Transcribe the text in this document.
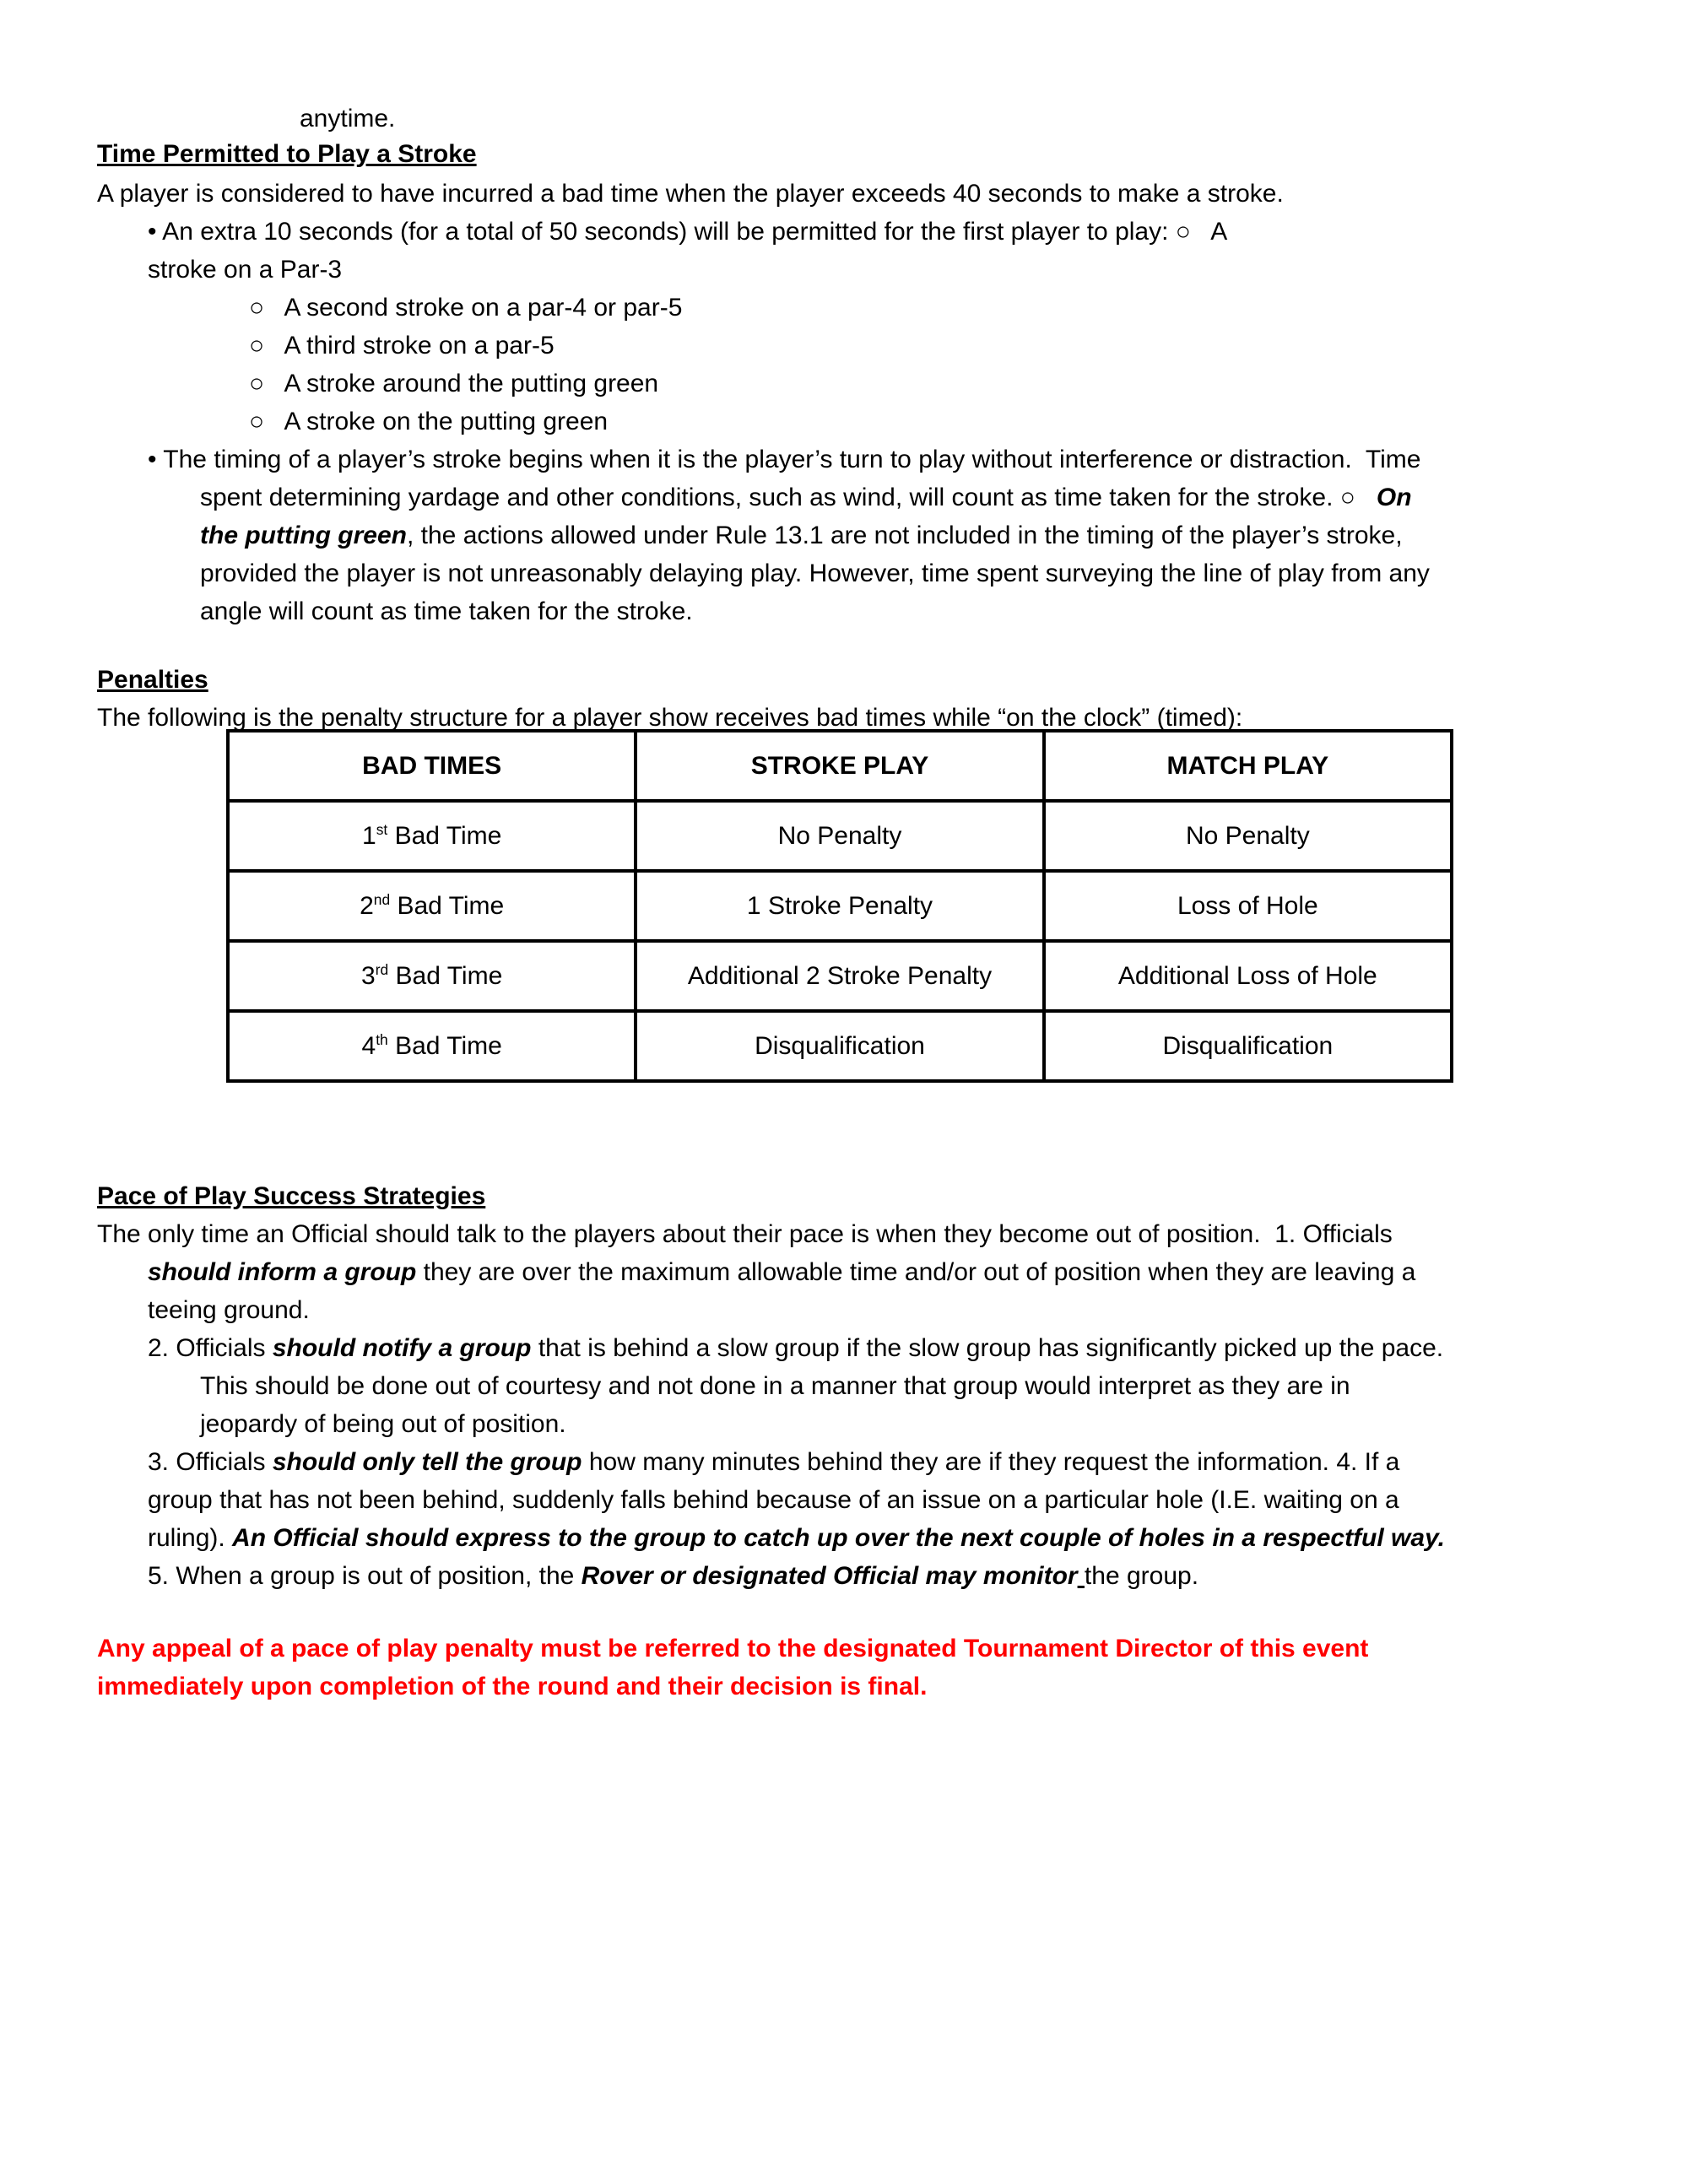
anytime.
Time Permitted to Play a Stroke
A player is considered to have incurred a bad time when the player exceeds 40 seconds to make a stroke.
• An extra 10 seconds (for a total of 50 seconds) will be permitted for the first player to play: ○   A
stroke on a Par-3
○   A second stroke on a par-4 or par-5
○   A third stroke on a par-5
○   A stroke around the putting green
○   A stroke on the putting green
• The timing of a player’s stroke begins when it is the player’s turn to play without interference or distraction.  Time
spent determining yardage and other conditions, such as wind, will count as time taken for the stroke. ○   On
the putting green, the actions allowed under Rule 13.1 are not included in the timing of the player’s stroke,
provided the player is not unreasonably delaying play. However, time spent surveying the line of play from any
angle will count as time taken for the stroke.
Penalties
The following is the penalty structure for a player show receives bad times while “on the clock” (timed):
BAD TIMES	STROKE PLAY	MATCH PLAY

1st Bad Time	No Penalty	No Penalty

2nd Bad Time	1 Stroke Penalty	Loss of Hole

3rd Bad Time	Additional 2 Stroke Penalty	Additional Loss of Hole

4th Bad Time	Disqualification	Disqualification
Pace of Play Success Strategies
The only time an Official should talk to the players about their pace is when they become out of position.  1. Officials
should inform a group they are over the maximum allowable time and/or out of position when they are leaving a
teeing ground.
2. Officials should notify a group that is behind a slow group if the slow group has significantly picked up the pace.
This should be done out of courtesy and not done in a manner that group would interpret as they are in
jeopardy of being out of position.
3. Officials should only tell the group how many minutes behind they are if they request the information. 4. If a
group that has not been behind, suddenly falls behind because of an issue on a particular hole (I.E. waiting on a
ruling). An Official should express to the group to catch up over the next couple of holes in a respectful way.
5. When a group is out of position, the Rover or designated Official may monitor the group.
Any appeal of a pace of play penalty must be referred to the designated Tournament Director of this event
immediately upon completion of the round and their decision is final.
